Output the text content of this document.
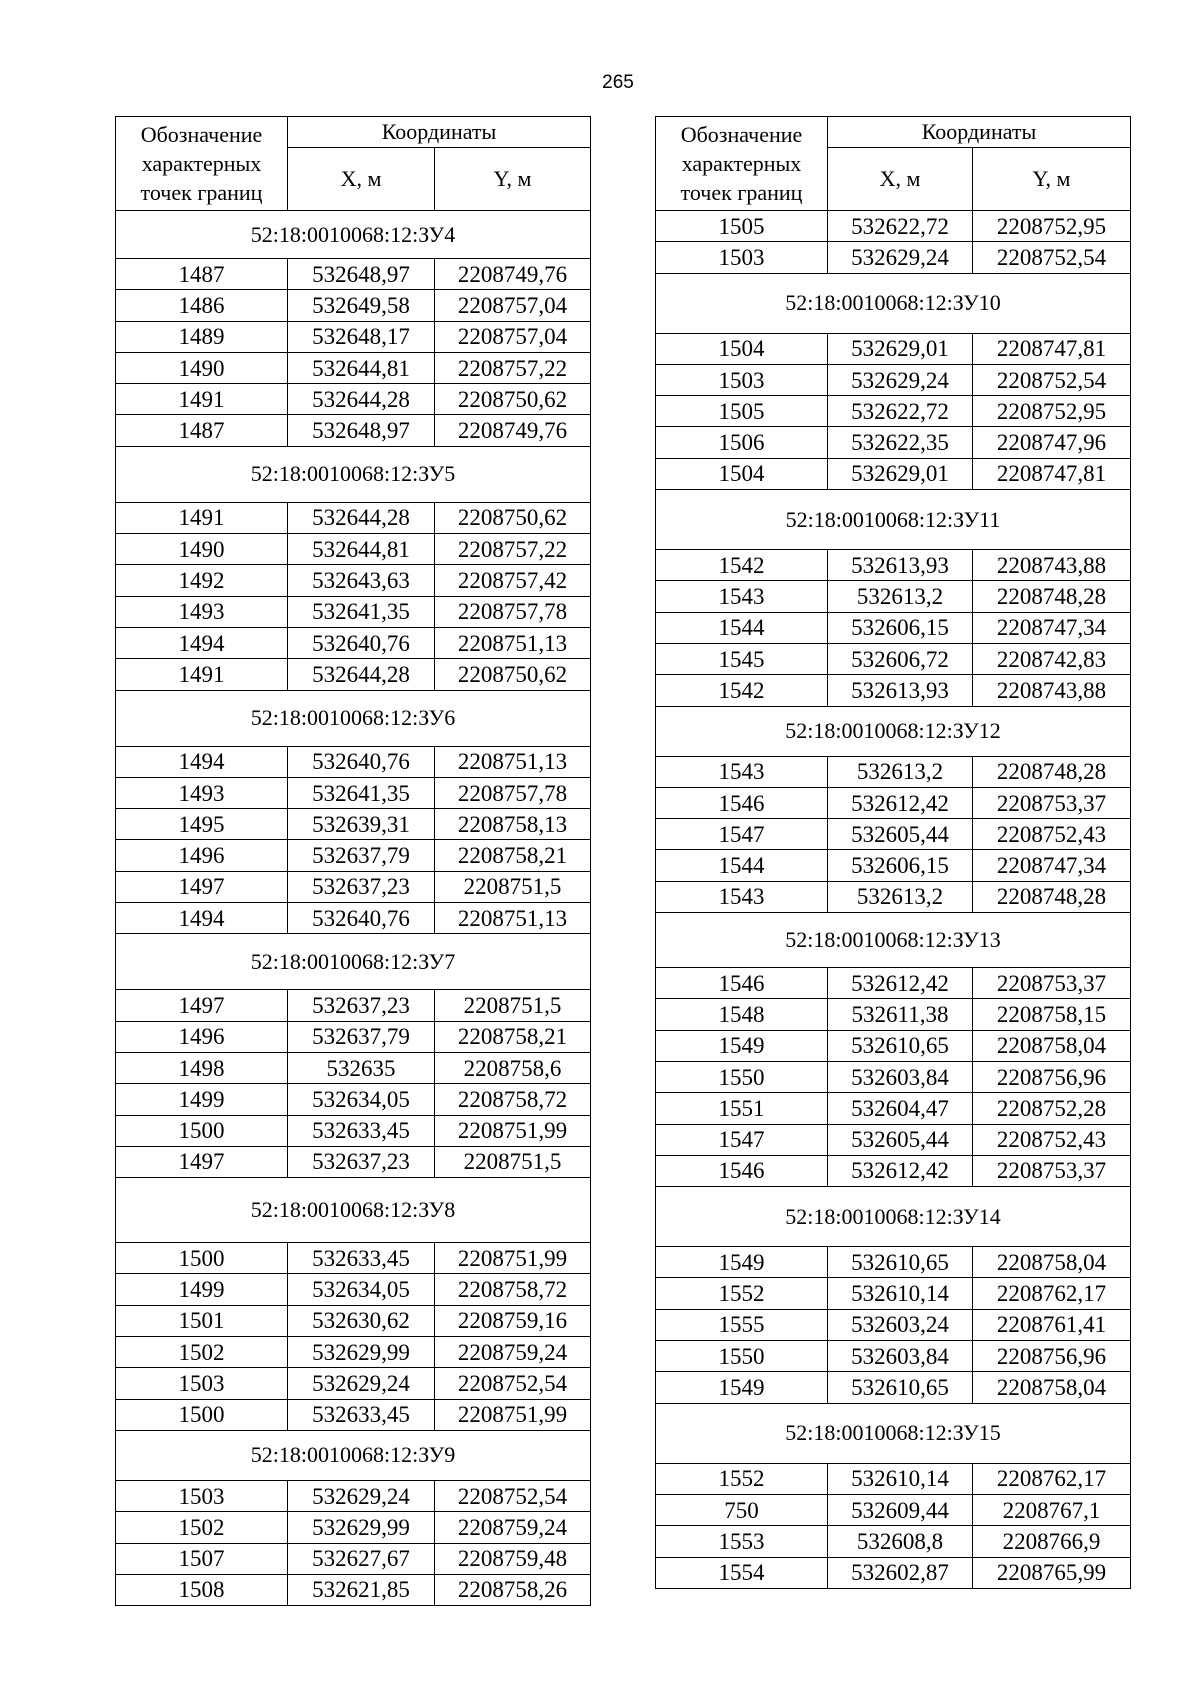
265
Обозначение характерных точек границ	Координаты	
	X, м	Y, м
52:18:0010068:12:ЗУ4		
1487	532648,97	2208749,76
1486	532649,58	2208757,04
1489	532648,17	2208757,04
1490	532644,81	2208757,22
1491	532644,28	2208750,62
1487	532648,97	2208749,76
52:18:0010068:12:ЗУ5		
1491	532644,28	2208750,62
1490	532644,81	2208757,22
1492	532643,63	2208757,42
1493	532641,35	2208757,78
1494	532640,76	2208751,13
1491	532644,28	2208750,62
52:18:0010068:12:ЗУ6		
1494	532640,76	2208751,13
1493	532641,35	2208757,78
1495	532639,31	2208758,13
1496	532637,79	2208758,21
1497	532637,23	2208751,5
1494	532640,76	2208751,13
52:18:0010068:12:ЗУ7		
1497	532637,23	2208751,5
1496	532637,79	2208758,21
1498	532635	2208758,6
1499	532634,05	2208758,72
1500	532633,45	2208751,99
1497	532637,23	2208751,5
52:18:0010068:12:ЗУ8		
1500	532633,45	2208751,99
1499	532634,05	2208758,72
1501	532630,62	2208759,16
1502	532629,99	2208759,24
1503	532629,24	2208752,54
1500	532633,45	2208751,99
52:18:0010068:12:ЗУ9		
1503	532629,24	2208752,54
1502	532629,99	2208759,24
1507	532627,67	2208759,48
1508	532621,85	2208758,26
Обозначение характерных точек границ	Координаты	
	X, м	Y, м
1505	532622,72	2208752,95
1503	532629,24	2208752,54
52:18:0010068:12:ЗУ10		
1504	532629,01	2208747,81
1503	532629,24	2208752,54
1505	532622,72	2208752,95
1506	532622,35	2208747,96
1504	532629,01	2208747,81
52:18:0010068:12:ЗУ11		
1542	532613,93	2208743,88
1543	532613,2	2208748,28
1544	532606,15	2208747,34
1545	532606,72	2208742,83
1542	532613,93	2208743,88
52:18:0010068:12:ЗУ12		
1543	532613,2	2208748,28
1546	532612,42	2208753,37
1547	532605,44	2208752,43
1544	532606,15	2208747,34
1543	532613,2	2208748,28
52:18:0010068:12:ЗУ13		
1546	532612,42	2208753,37
1548	532611,38	2208758,15
1549	532610,65	2208758,04
1550	532603,84	2208756,96
1551	532604,47	2208752,28
1547	532605,44	2208752,43
1546	532612,42	2208753,37
52:18:0010068:12:ЗУ14		
1549	532610,65	2208758,04
1552	532610,14	2208762,17
1555	532603,24	2208761,41
1550	532603,84	2208756,96
1549	532610,65	2208758,04
52:18:0010068:12:ЗУ15		
1552	532610,14	2208762,17
750	532609,44	2208767,1
1553	532608,8	2208766,9
1554	532602,87	2208765,99
